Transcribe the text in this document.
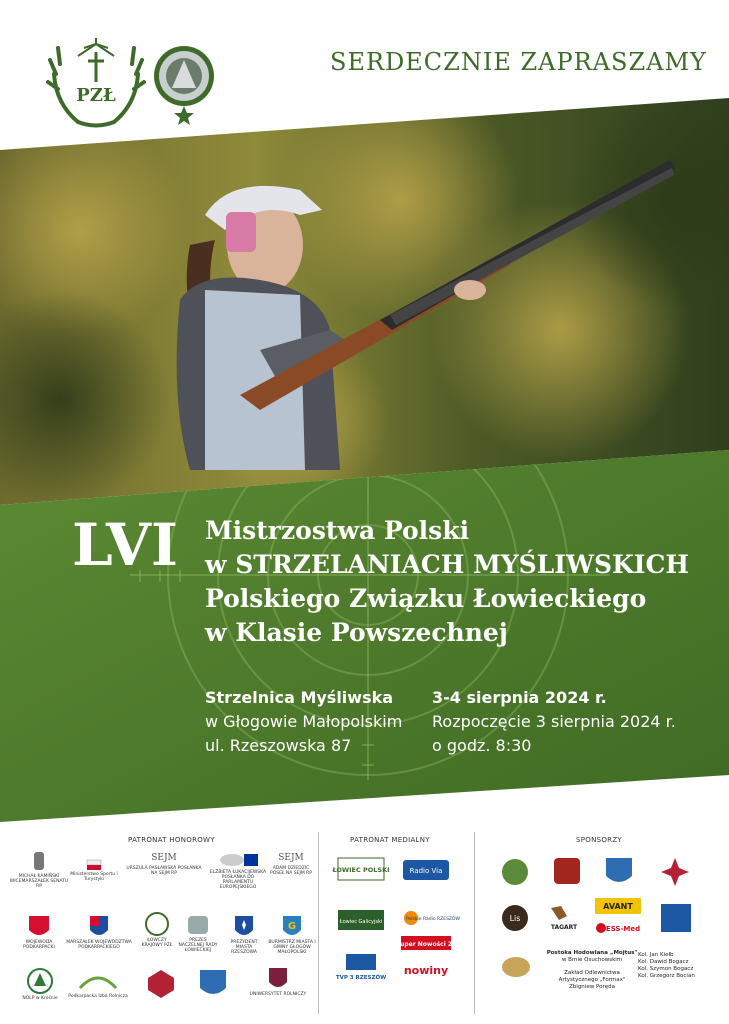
PZŁ
SERDECZNIE ZAPRASZAMY
LVI Mistrzostwa Polski
w STRZELANIACH MYŚLIWSKICH
Polskiego Związku Łowieckiego
w Klasie Powszechnej
Strzelnica Myśliwska
w Głogowie Małopolskim
ul. Rzeszowska 87
3-4 sierpnia 2024 r.
Rozpoczęcie 3 sierpnia 2024 r.
o godz. 8:30
PATRONAT HONOROWY	PATRONAT MEDIALNY	SPONSORZY
MICHAŁ KAMIŃSKI WICEMARSZAŁEK SENATU RP
Ministerstwo Sportu i Turystyki
SEJM
URSZULA PASŁAWSKA POSŁANKA NA SEJM RP	ELŻBIETA ŁUKACIJEWSKA POSŁANKA DO PARLAMENTU EUROPEJSKIEGO
SEJM
ADAM DZIEDZIC POSEŁ NA SEJM RP
WOJEWODA PODKARPACKI
MARSZAŁEK WOJEWÓDZTWA PODKARPACKIEGO
ŁOWCZY KRAJOWY PZŁ
PREZES NACZELNEJ RADY ŁOWIECKIEJ
PREZYDENT MIASTA RZESZOWA
G
BURMISTRZ MIASTA I GMINY GŁOGÓW MAŁOPOLSKI
NOLP w Krośnie	Podkarpacka Izba Rolnicza	UNIWERSYTET ROLNICZY
ŁOWIEC POLSKI	Radio Via
Łowiec Galicyjski	Polskie Radio RZESZÓW
Super Nowości 24
TVP 3 RZESZÓW
nowiny
Lis
TAGART
AVANT
ESS-Med
Postoka Hodowlana „Mojtus"
w Brnie Osuchowskim
Zakład Odlewnictwa
Artystycznego „Formax"
Zbigniew Poręda
Kol. Jan Kiełb
Kol. Dawid Bogacz
Kol. Szymon Bogacz
Kol. Grzegorz Bocian
